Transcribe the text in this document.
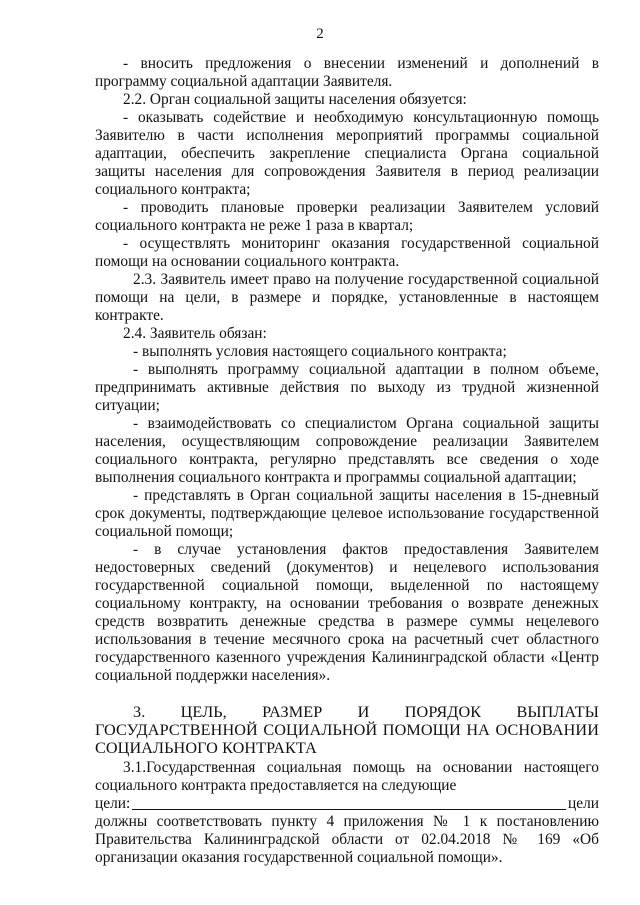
2

- вносить предложения о внесении изменений и дополнений в программу социальной адаптации Заявителя.

2.2. Орган социальной защиты населения обязуется:

- оказывать содействие и необходимую консультационную помощь Заявителю в части исполнения мероприятий программы социальной адаптации, обеспечить закрепление специалиста Органа социальной защиты населения для сопровождения Заявителя в период реализации социального контракта;

- проводить плановые проверки реализации Заявителем условий социального контракта не реже 1 раза в квартал;

- осуществлять мониторинг оказания государственной социальной помощи на основании социального контракта.

2.3. Заявитель имеет право на получение государственной социальной помощи на цели, в размере и порядке, установленные в настоящем контракте.

2.4. Заявитель обязан:

- выполнять условия настоящего социального контракта;

- выполнять программу социальной адаптации в полном объеме, предпринимать активные действия по выходу из трудной жизненной ситуации;

- взаимодействовать со специалистом Органа социальной защиты населения, осуществляющим сопровождение реализации Заявителем социального контракта, регулярно представлять все сведения о ходе выполнения социального контракта и программы социальной адаптации;

- представлять в Орган социальной защиты населения в 15-дневный срок документы, подтверждающие целевое использование государственной социальной помощи;

- в случае установления фактов предоставления Заявителем недостоверных сведений (документов) и нецелевого использования государственной социальной помощи, выделенной по настоящему социальному контракту, на основании требования о возврате денежных средств возвратить денежные средства в размере суммы нецелевого использования в течение месячного срока на расчетный счет областного государственного казенного учреждения Калининградской области «Центр социальной поддержки населения».

3. ЦЕЛЬ, РАЗМЕР И ПОРЯДОК ВЫПЛАТЫ ГОСУДАРСТВЕННОЙ СОЦИАЛЬНОЙ ПОМОЩИ НА ОСНОВАНИИ СОЦИАЛЬНОГО КОНТРАКТА

3.1.Государственная социальная помощь на основании настоящего социального контракта предоставляется на следующие

цели:	цели

должны соответствовать пункту 4 приложения № 1 к постановлению Правительства Калининградской области от 02.04.2018 № 169 «Об организации оказания государственной социальной помощи».
